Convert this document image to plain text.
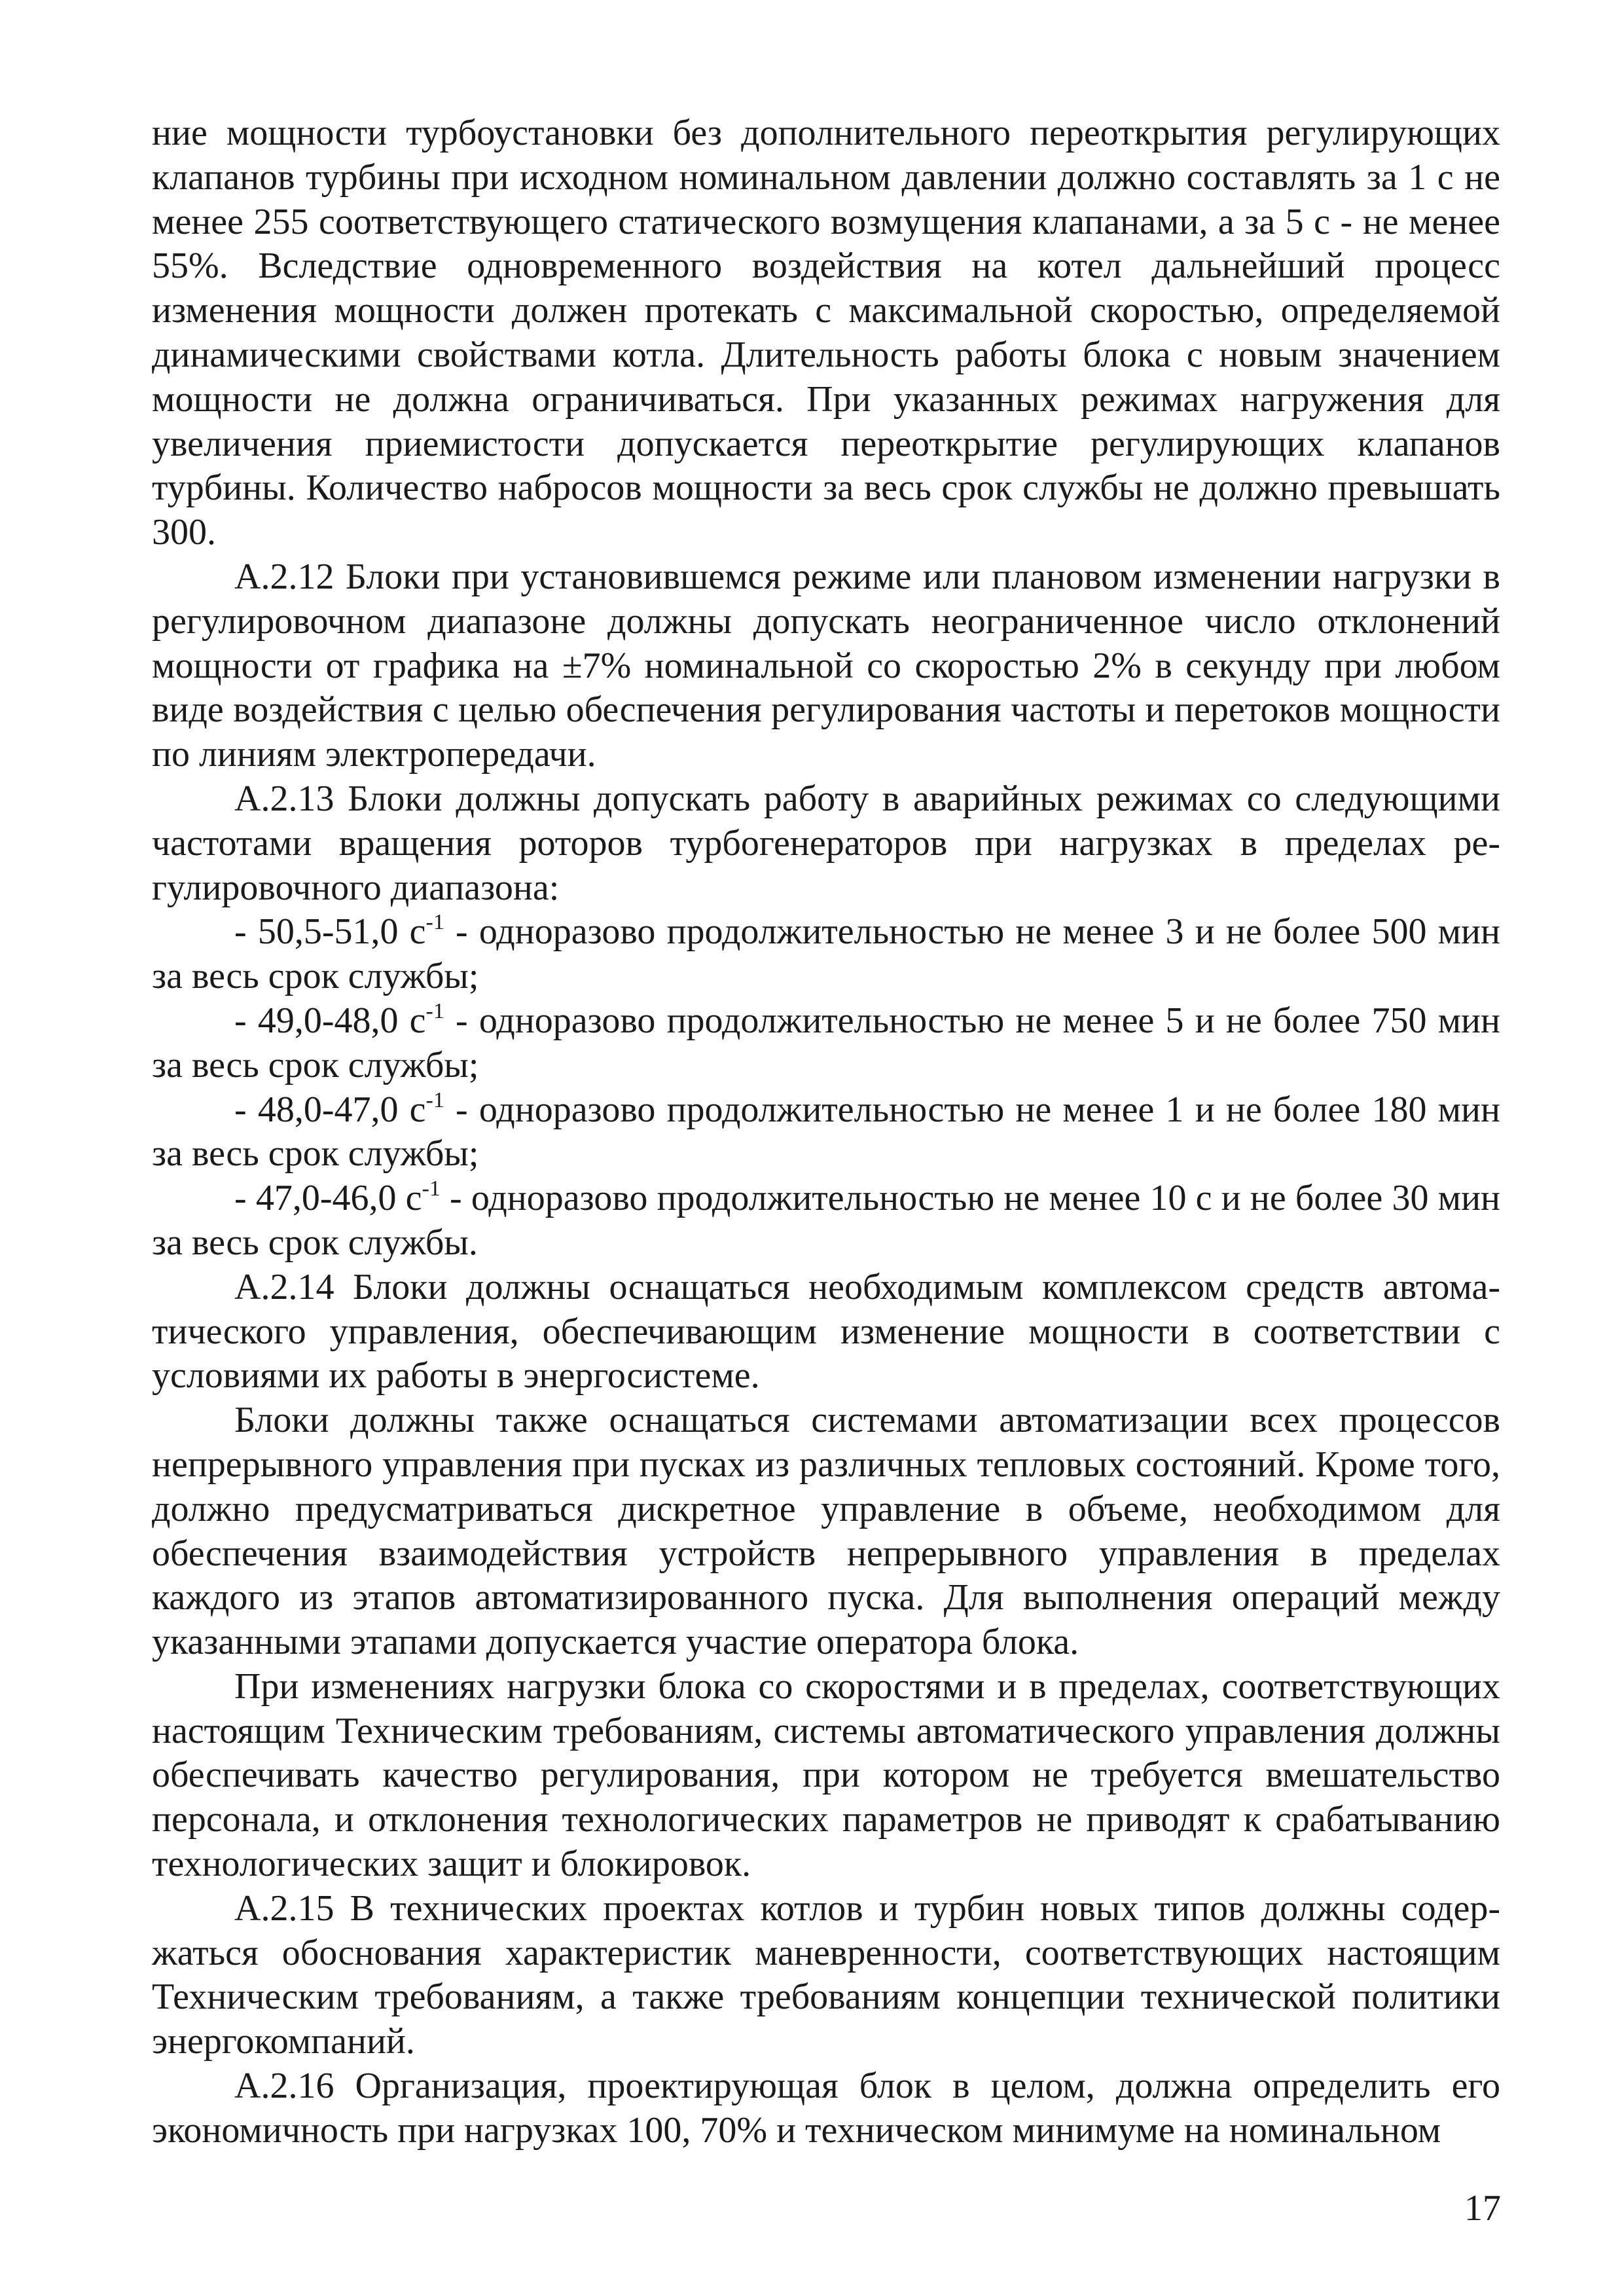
ние мощности турбоустановки без дополнительного переоткрытия регулирующих клапанов турбины при исходном номинальном давлении должно составлять за 1 с не менее 255 соответствующего статического возмущения клапанами, а за 5 с - не менее 55%. Вследствие одновременного воздействия на котел дальнейший процесс изменения мощности должен протекать с максимальной скоростью, определяемой динамическими свойствами котла. Длительность работы блока с новым значением мощности не должна ограничиваться. При указанных режимах нагружения для увеличения приемистости допускается переоткрытие регулирующих клапанов турбины. Количество набросов мощности за весь срок службы не должно превышать 300.

А.2.12 Блоки при установившемся режиме или плановом изменении нагрузки в регулировочном диапазоне должны допускать неограниченное число отклонений мощности от графика на ±7% номинальной со скоростью 2% в секунду при любом виде воздействия с целью обеспечения регулирования частоты и перетоков мощности по линиям электропередачи.

А.2.13 Блоки должны допускать работу в аварийных режимах со следующими частотами вращения роторов турбогенераторов при нагрузках в пределах регулировочного диапазона:

- 50,5-51,0 $с^{-1}$ - одноразово продолжительностью не менее 3 и не более 500 мин за весь срок службы;

- 49,0-48,0 $с^{-1}$ - одноразово продолжительностью не менее 5 и не более 750 мин за весь срок службы;

- 48,0-47,0 $с^{-1}$ - одноразово продолжительностью не менее 1 и не более 180 мин за весь срок службы;

- 47,0-46,0 $с^{-1}$ - одноразово продолжительностью не менее 10 с и не более 30 мин за весь срок службы.

А.2.14 Блоки должны оснащаться необходимым комплексом средств автоматического управления, обеспечивающим изменение мощности в соответствии с условиями их работы в энергосистеме.

Блоки должны также оснащаться системами автоматизации всех процессов непрерывного управления при пусках из различных тепловых состояний. Кроме того, должно предусматриваться дискретное управление в объеме, необходимом для обеспечения взаимодействия устройств непрерывного управления в пределах каждого из этапов автоматизированного пуска. Для выполнения операций между указанными этапами допускается участие оператора блока.

При изменениях нагрузки блока со скоростями и в пределах, соответствующих настоящим Техническим требованиям, системы автоматического управления должны обеспечивать качество регулирования, при котором не требуется вмешательство персонала, и отклонения технологических параметров не приводят к срабатыванию технологических защит и блокировок.

А.2.15 В технических проектах котлов и турбин новых типов должны содержаться обоснования характеристик маневренности, соответствующих настоящим Техническим требованиям, а также требованиям концепции технической политики энергокомпаний.

А.2.16 Организация, проектирующая блок в целом, должна определить его экономичность при нагрузках 100, 70% и техническом минимуме на номинальном

17
